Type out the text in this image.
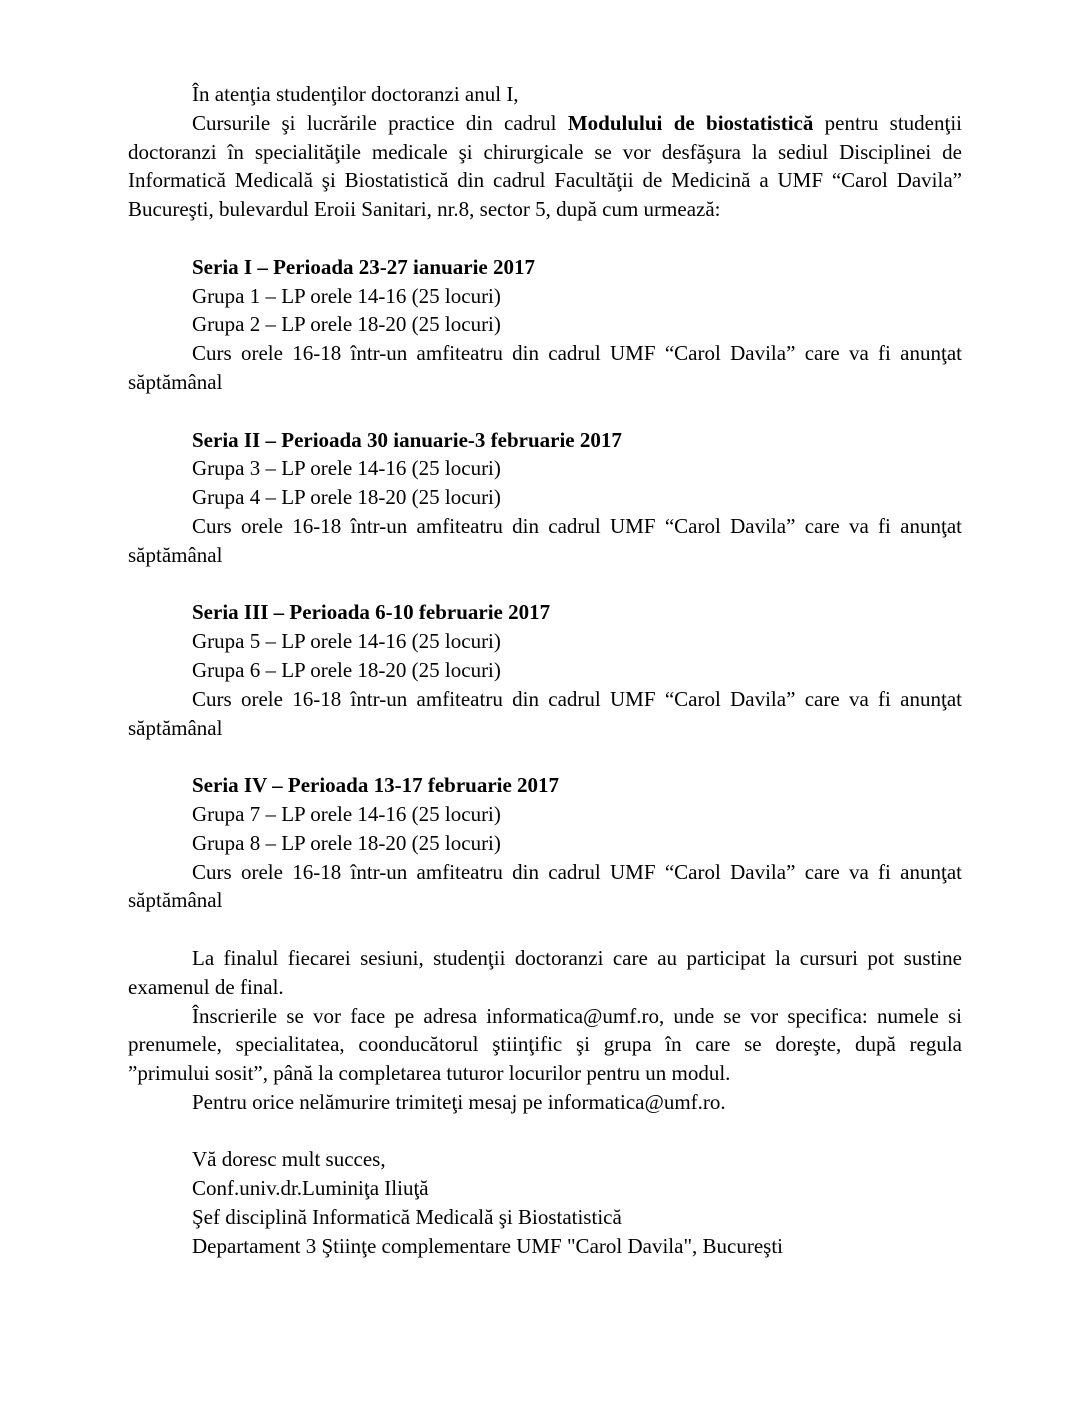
În atenţia studenţilor doctoranzi anul I,

Cursurile şi lucrările practice din cadrul Modulului de biostatistică pentru studenţii

doctoranzi în specialităţile medicale şi chirurgicale se vor desfăşura la sediul Disciplinei de

Informatică Medicală şi Biostatistică din cadrul Facultăţii de Medicină a UMF “Carol Davila”

Bucureşti, bulevardul Eroii Sanitari, nr.8, sector 5, după cum urmează:

Seria I – Perioada 23-27 ianuarie 2017

Grupa 1 – LP orele 14-16 (25 locuri)

Grupa 2 – LP orele 18-20 (25 locuri)

Curs orele 16-18 într-un amfiteatru din cadrul UMF “Carol Davila” care va fi anunţat

săptămânal

Seria II – Perioada 30 ianuarie-3 februarie 2017

Grupa 3 – LP orele 14-16 (25 locuri)

Grupa 4 – LP orele 18-20 (25 locuri)

Curs orele 16-18 într-un amfiteatru din cadrul UMF “Carol Davila” care va fi anunţat

săptămânal

Seria III – Perioada 6-10 februarie 2017

Grupa 5 – LP orele 14-16 (25 locuri)

Grupa 6 – LP orele 18-20 (25 locuri)

Curs orele 16-18 într-un amfiteatru din cadrul UMF “Carol Davila” care va fi anunţat

săptămânal

Seria IV – Perioada 13-17 februarie 2017

Grupa 7 – LP orele 14-16 (25 locuri)

Grupa 8 – LP orele 18-20 (25 locuri)

Curs orele 16-18 într-un amfiteatru din cadrul UMF “Carol Davila” care va fi anunţat

săptămânal

La finalul fiecarei sesiuni, studenţii doctoranzi care au participat la cursuri pot sustine

examenul de final.

Înscrierile se vor face pe adresa informatica@umf.ro, unde se vor specifica: numele si

prenumele, specialitatea, coonducătorul ştiinţific şi grupa în care se doreşte, după regula

”primului sosit”, până la completarea tuturor locurilor pentru un modul.

Pentru orice nelămurire trimiteţi mesaj pe informatica@umf.ro.

Vă doresc mult succes,

Conf.univ.dr.Luminiţa Iliuţă

Şef disciplină Informatică Medicală şi Biostatistică

Departament 3 Ştiinţe complementare UMF "Carol Davila", Bucureşti
